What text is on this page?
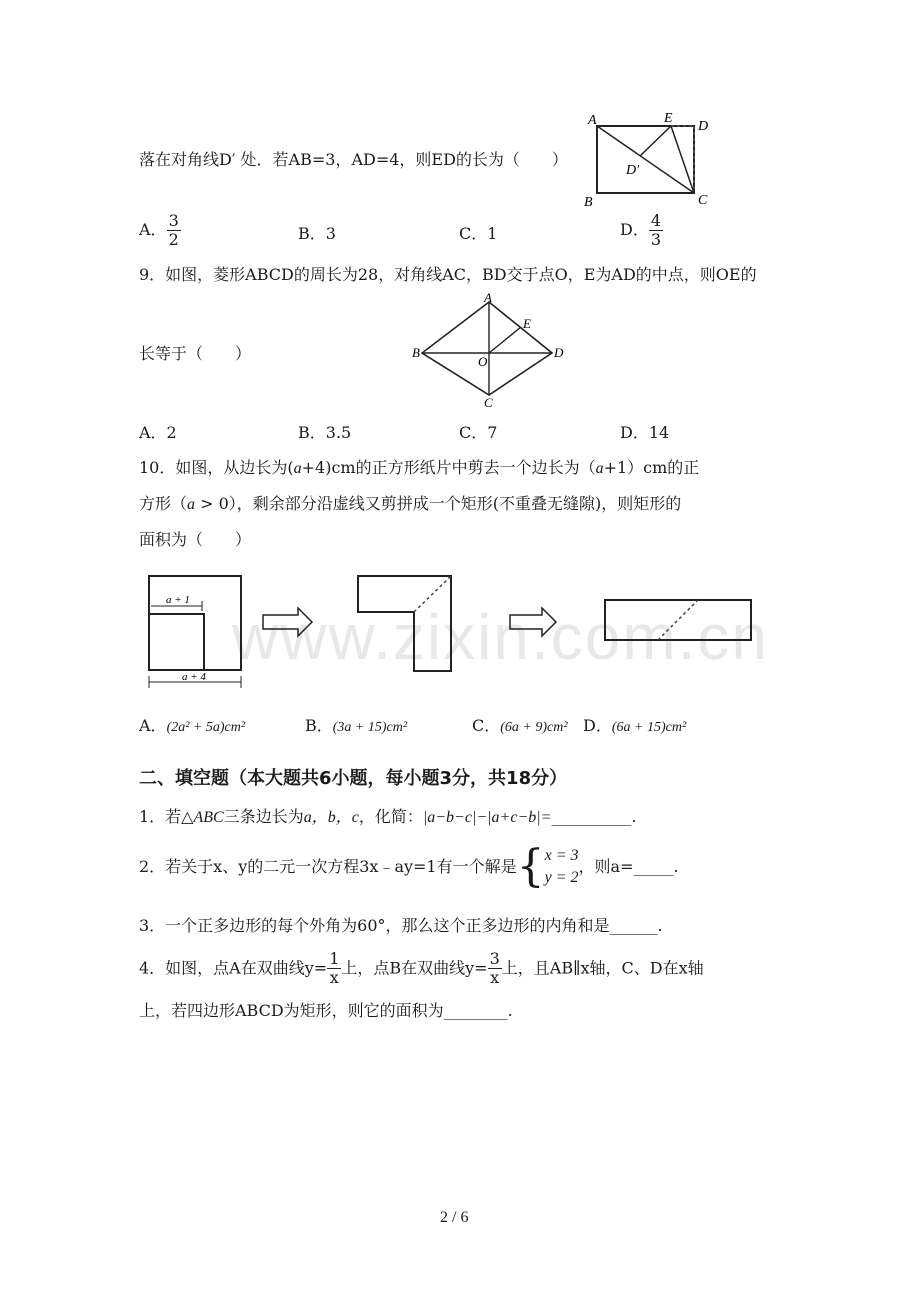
www.zixin.com.cn
落在对角线D′ 处．若AB=3，AD=4，则ED的长为（　　）
A	E
D
D′
B	C
A． $\frac{3}{2}$	B．3	C．1	D． $\frac{4}{3}$
9．如图，菱形ABCD的周长为28，对角线AC，BD交于点O，E为AD的中点，则OE的
长等于（　　）
A
B
C
D
E
O
A．2	B．3.5	C．7	D．14
10．如图，从边长为(a+4)cm的正方形纸片中剪去一个边长为（a+1）cm的正
方形（a > 0），剩余部分沿虚线又剪拼成一个矩形(不重叠无缝隙)，则矩形的
面积为（　　）
a + 1
a + 4
A．(2a² + 5a)cm²	B．(3a + 15)cm²	C．(6a + 9)cm² D．(6a + 15)cm²
二、填空题（本大题共6小题，每小题3分，共18分）
1．若△ABC三条边长为a，b，c，化简：|a−b−c|−|a+c−b|=__________.
2．若关于x、y的二元一次方程3x﹣ay=1有一个解是{ x = 3
y = 2
，则a=_____.
3．一个正多边形的每个外角为60°，那么这个正多边形的内角和是______.
4．如图，点A在双曲线$y= \frac{1}{x}$ 上，点B在双曲线$y= \frac{3}{x}$ 上，且AB∥x轴，C、D在x轴
上，若四边形ABCD为矩形，则它的面积为________.
2 / 6
